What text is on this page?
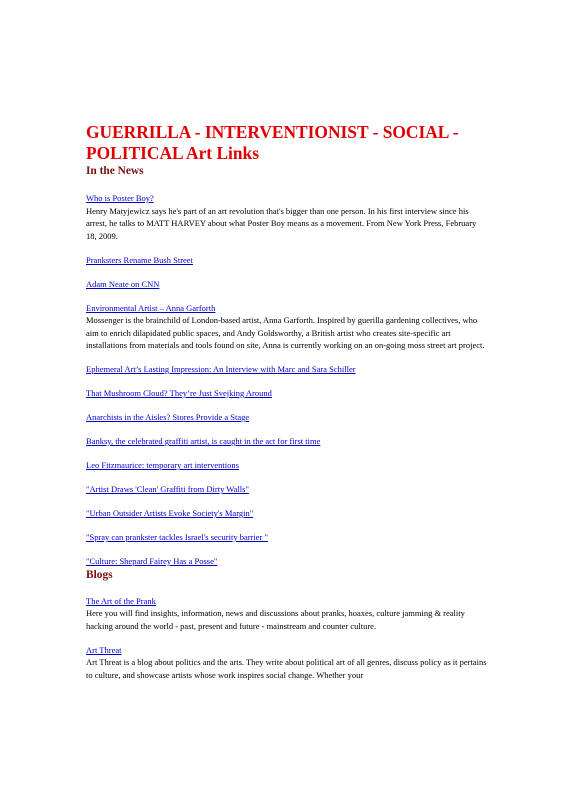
GUERRILLA - INTERVENTIONIST - SOCIAL - POLITICAL Art Links
In the News
Who is Poster Boy?
Henry Matyjewicz says he's part of an art revolution that's bigger than one person. In his first interview since his arrest, he talks to MATT HARVEY about what Poster Boy means as a movement. From New York Press, February 18, 2009.
Pranksters Rename Bush Street
Adam Neate on CNN
Environmental Artist – Anna Garforth
Mossenger is the brainchild of London-based artist, Anna Garforth. Inspired by guerilla gardening collectives, who aim to enrich dilapidated public spaces, and Andy Goldsworthy, a British artist who creates site-specific art installations from materials and tools found on site, Anna is currently working on an on-going moss street art project.
Ephemeral Art’s Lasting Impression: An Interview with Marc and Sara Schiller
That Mushroom Cloud? They’re Just Svejking Around
Anarchists in the Aisles? Stores Provide a Stage
Banksy, the celebrated graffiti artist, is caught in the act for first time
Leo Fitzmaurice: temporary art interventions
"Artist Draws 'Clean' Graffiti from Dirty Walls"
"Urban Outsider Artists Evoke Society's Margin"
"Spray can prankster tackles Israel's security barrier "
"Culture: Shepard Fairey Has a Posse"
Blogs
The Art of the Prank
Here you will find insights, information, news and discussions about pranks, hoaxes, culture jamming & reality hacking around the world - past, present and future - mainstream and counter culture.
Art Threat
Art Threat is a blog about politics and the arts. They write about political art of all genres, discuss policy as it pertains to culture, and showcase artists whose work inspires social change. Whether your
